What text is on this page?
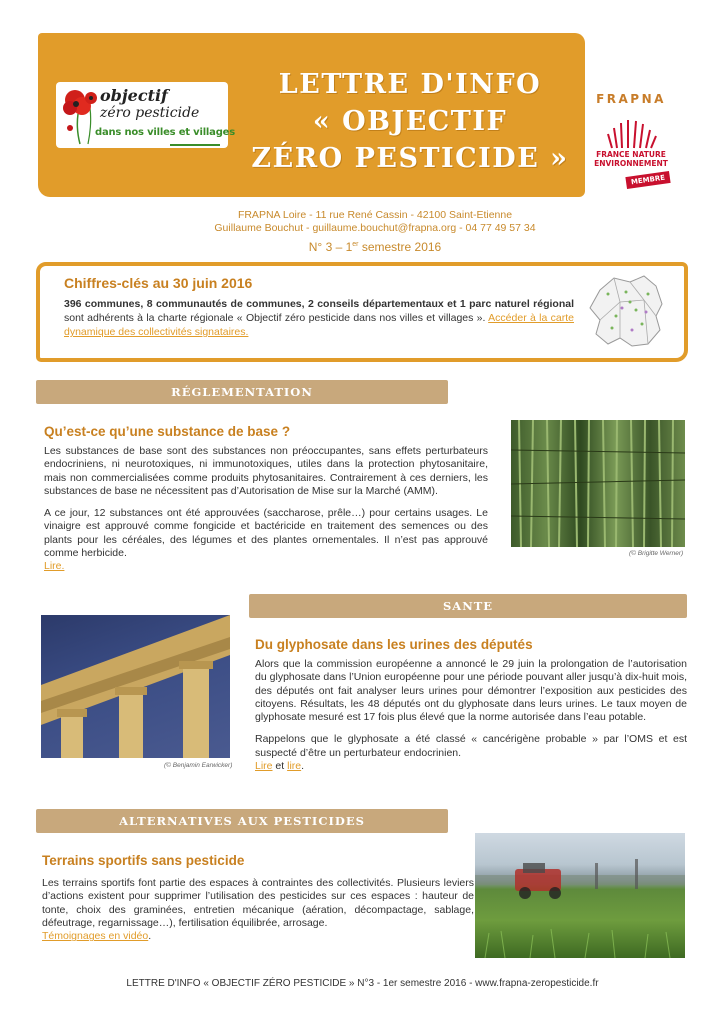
objectif
zéro pesticide
dans nos villes et villages
LETTRE D'INFO
« OBJECTIF
ZÉRO PESTICIDE »
FRAPNA
FRANCE NATURE ENVIRONNEMENT
MEMBRE
FRAPNA Loire - 11 rue René Cassin - 42100 Saint-Etienne
Guillaume Bouchut - guillaume.bouchut@frapna.org - 04 77 49 57 34
N° 3 – 1er semestre 2016
Chiffres-clés au 30 juin 2016
396 communes, 8 communautés de communes, 2 conseils départementaux et 1 parc naturel régional sont adhérents à la charte régionale « Objectif zéro pesticide dans nos villes et villages ». Accéder à la carte dynamique des collectivités signataires.
RÉGLEMENTATION
Qu’est-ce qu’une substance de base ?

Les substances de base sont des substances non préoccupantes, sans effets perturbateurs endocriniens, ni neurotoxiques, ni immunotoxiques, utiles dans la protection phytosanitaire, mais non commercialisées comme produits phytosanitaires. Contrairement à ces derniers, les substances de base ne nécessitent pas d’Autorisation de Mise sur la Marché (AMM).

A ce jour, 12 substances ont été approuvées (saccharose, prêle…) pour certains usages. Le vinaigre est approuvé comme fongicide et bactéricide en traitement des semences ou des plants pour les céréales, des légumes et des plantes ornementales. Il n’est pas approuvé comme herbicide.
Lire.

(© Brigitte Werner)
SANTE
(© Benjamin Earwicker)
Du glyphosate dans les urines des députés

Alors que la commission européenne a annoncé le 29 juin la prolongation de l’autorisation du glyphosate dans l’Union européenne pour une période pouvant aller jusqu’à dix-huit mois, des députés ont fait analyser leurs urines pour démontrer l’exposition aux pesticides des citoyens. Résultats, les 48 députés ont du glyphosate dans leurs urines. Le taux moyen de glyphosate mesuré est 17 fois plus élevé que la norme autorisée dans l’eau potable.

Rappelons que le glyphosate a été classé « cancérigène probable » par l’OMS et est suspecté d’être un perturbateur endocrinien.
Lire et lire.

ALTERNATIVES AUX PESTICIDES
Terrains sportifs sans pesticide

Les terrains sportifs font partie des espaces à contraintes des collectivités. Plusieurs leviers d’actions existent pour supprimer l’utilisation des pesticides sur ces espaces : hauteur de tonte, choix des graminées, entretien mécanique (aération, décompactage, sablage, défeutrage, regarnissage…), fertilisation équilibrée, arrosage.
Témoignages en vidéo.

LETTRE D'INFO « OBJECTIF ZÉRO PESTICIDE » N°3 - 1er semestre 2016 - www.frapna-zeropesticide.fr
